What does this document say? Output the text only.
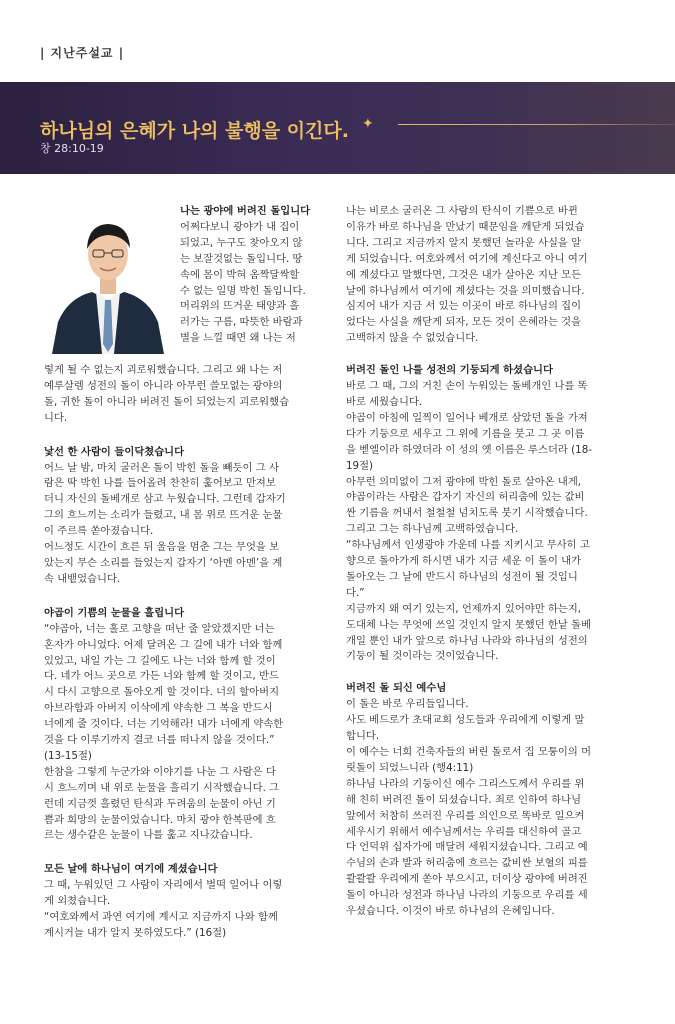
| 지난주설교 |
하나님의 은혜가 나의 불행을 이긴다. ✦
창 28:10-19

나는 광야에 버려진 돌입니다

어쩌다보니 광야가 내 집이
되었고, 누구도 찾아오지 않
는 보잘것없는 돌입니다. 땅
속에 몸이 박혀 옴짝달싹할
수 없는 일명 박힌 돌입니다.
머리위의 뜨거운 태양과 흘
러가는 구름, 따뜻한 바람과
별을 느낄 때면 왜 나는 저
렇게 될 수 없는지 괴로워했습니다. 그리고 왜 나는 저
예루살렘 성전의 돌이 아니라 아무런 쓸모없는 광야의
돌, 귀한 돌이 아니라 버려진 돌이 되었는지 괴로워했습
니다.

낯선 한 사람이 들이닥쳤습니다

어느 날 밤, 마치 굴러온 돌이 박힌 돌을 빼듯이 그 사
람은 딱 박힌 나를 들어올려 찬찬히 훑어보고 만져보
더니 자신의 돌베개로 삼고 누웠습니다. 그런데 갑자기
그의 흐느끼는 소리가 들렸고, 내 몸 위로 뜨거운 눈물
이 주르륵 쏟아졌습니다.
어느정도 시간이 흐른 뒤 울음을 멈춘 그는 무엇을 보
았는지 무슨 소리를 들었는지 갑자기 ‘아멘 아멘’을 계
속 내뱉었습니다.

야곱이 기쁨의 눈물을 흘립니다

“야곱아, 너는 홀로 고향을 떠난 줄 알았겠지만 너는
혼자가 아니었다. 어제 달려온 그 길에 내가 너와 함께
있었고, 내일 가는 그 길에도 나는 너와 함께 할 것이
다. 네가 어느 곳으로 가든 너와 함께 할 것이고, 반드
시 다시 고향으로 돌아오게 할 것이다. 너의 할아버지
아브라함과 아버지 이삭에게 약속한 그 복을 반드시
너에게 줄 것이다. 너는 기억해라! 내가 너에게 약속한
것을 다 이루기까지 결코 너를 떠나지 않을 것이다.”
(13-15절)
한참을 그렇게 누군가와 이야기를 나눈 그 사람은 다
시 흐느끼며 내 위로 눈물을 흘리기 시작했습니다. 그
런데 지금껏 흘렸던 탄식과 두려움의 눈물이 아닌 기
쁨과 희망의 눈물이었습니다. 마치 광야 한복판에 흐
르는 생수같은 눈물이 나를 훑고 지나갔습니다.

모든 날에 하나님이 여기에 계셨습니다

그 때, 누워있던 그 사람이 자리에서 벌떡 일어나 이렇
게 외쳤습니다.
“여호와께서 과연 여기에 계시고 지금까지 나와 함께
계시거늘 내가 알지 못하였도다.” (16절)
나는 비로소 굴러온 그 사람의 탄식이 기쁨으로 바뀐
이유가 바로 하나님을 만났기 때문임을 깨닫게 되었습
니다. 그리고 지금까지 알지 못했던 놀라운 사실을 알
게 되었습니다. 여호와께서 여기에 계신다고 아니 여기
에 계셨다고 말했다면, 그것은 내가 살아온 지난 모든
날에 하나님께서 여기에 계셨다는 것을 의미했습니다.
심지어 내가 지금 서 있는 이곳이 바로 하나님의 집이
었다는 사실을 깨닫게 되자, 모든 것이 은혜라는 것을
고백하지 않을 수 없었습니다.

버려진 돌인 나를 성전의 기둥되게 하셨습니다

바로 그 때, 그의 거친 손이 누워있는 돌베개인 나를 똑
바로 세웠습니다.
야곱이 아침에 일찍이 일어나 베개로 삼았던 돌을 가져
다가 기둥으로 세우고 그 위에 기름을 붓고 그 곳 이름
을 벧엘이라 하였더라 이 성의 옛 이름은 루스더라 (18-
19절)
아무런 의미없이 그저 광야에 박힌 돌로 살아온 내게,
야곱이라는 사람은 갑자기 자신의 허리춤에 있는 값비
싼 기름을 꺼내서 철철철 넘치도록 붓기 시작했습니다.
그리고 그는 하나님께 고백하였습니다.
“하나님께서 인생광야 가운데 나를 지키시고 무사히 고
향으로 돌아가게 하시면 내가 지금 세운 이 돌이 내가
돌아오는 그 날에 반드시 하나님의 성전이 될 것입니
다.”
지금까지 왜 여기 있는지, 언제까지 있어야만 하는지,
도대체 나는 무엇에 쓰일 것인지 알지 못했던 한낱 돌베
개일 뿐인 내가 앞으로 하나님 나라와 하나님의 성전의
기둥이 될 것이라는 것이었습니다.

버려진 돌 되신 예수님

이 돌은 바로 우리들입니다.
사도 베드로가 초대교회 성도들과 우리에게 이렇게 말
합니다.
이 예수는 너희 건축자들의 버린 돌로서 집 모퉁이의 머
릿돌이 되었느니라 (행4:11)
하나님 나라의 기둥이신 예수 그리스도께서 우리를 위
해 친히 버려진 돌이 되셨습니다. 죄로 인하여 하나님
앞에서 처참히 쓰러진 우리를 의인으로 똑바로 일으켜
세우시기 위해서 예수님께서는 우리를 대신하여 골고
다 언덕위 십자가에 매달려 세워지셨습니다. 그리고 예
수님의 손과 발과 허리춤에 흐르는 값비싼 보혈의 피를
콸콸콸 우리에게 쏟아 부으시고, 더이상 광야에 버려진
돌이 아니라 성전과 하나님 나라의 기둥으로 우리를 세
우셨습니다. 이것이 바로 하나님의 은혜입니다.
